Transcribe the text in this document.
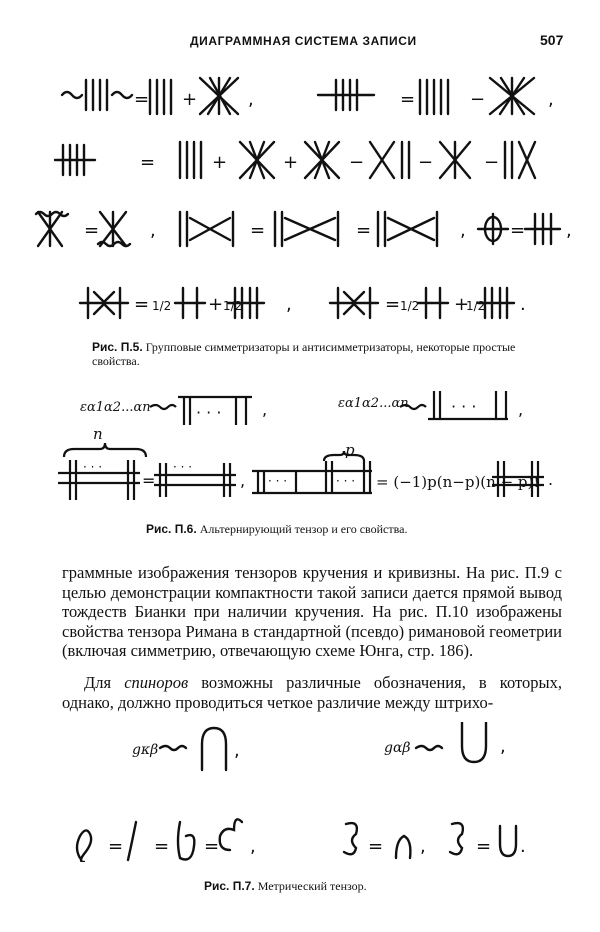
ДИАГРАММНАЯ СИСТЕМА ЗАПИСИ	507
= +	,	=	−	,
=	+	+	−	−	−
=	,	=	=	, = ,
= 1/2 + 1/2 ,	= 1/2 +
1/2 .
Рис. П.5. Групповые симметризаторы и антисимметризаторы, некоторые простые свойства.
εα1α2...αn	εα1α2...αn
n
p
· · ·	· · ·
· · ·	· · ·
· · ·	· · ·
=	,
,	,
= (−1)p(n−p)(n − p)! .
Рис. П.6. Альтернирующий тензор и его свойства.

граммные изображения тензоров кручения и кривизны. На рис. П.9 с целью демонстрации компактности такой записи дается прямой вывод тождеств Бианки при наличии кручения. На рис. П.10 изображены свойства тензора Римана в стандартной (псевдо) римановой геометрии (включая симметрию, отвечающую схеме Юнга, стр. 186).

Для спиноров возможны различные обозначения, в которых, однако, должно проводиться четкое различие между штрихо-

gκβ	gαβ
,	,
= = = ,	= ,	= .
Рис. П.7. Метрический тензор.
